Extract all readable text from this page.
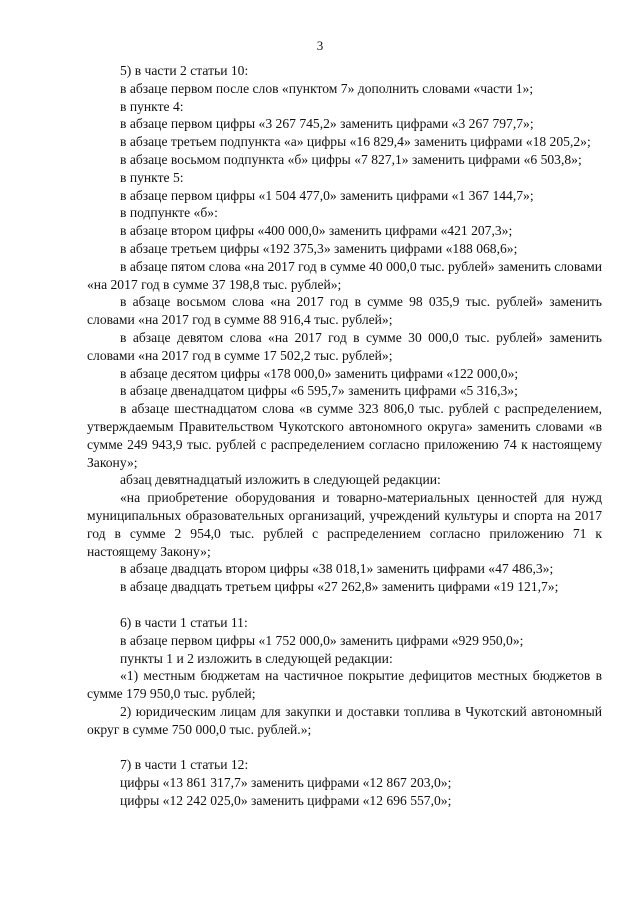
3

5) в части 2 статьи 10:

в абзаце первом после слов «пунктом 7» дополнить словами «части 1»;

в пункте 4:

в абзаце первом цифры «3 267 745,2» заменить цифрами «3 267 797,7»;

в абзаце третьем подпункта «а» цифры «16 829,4» заменить цифрами «18 205,2»;

в абзаце восьмом подпункта «б» цифры «7 827,1» заменить цифрами «6 503,8»;

в пункте 5:

в абзаце первом цифры «1 504 477,0» заменить цифрами «1 367 144,7»;

в подпункте «б»:

в абзаце втором цифры «400 000,0» заменить цифрами «421 207,3»;

в абзаце третьем цифры «192 375,3» заменить цифрами «188 068,6»;

в абзаце пятом слова «на 2017 год в сумме 40 000,0 тыс. рублей» заменить словами «на 2017 год в сумме 37 198,8 тыс. рублей»;

в абзаце восьмом слова «на 2017 год в сумме 98 035,9 тыс. рублей» заменить словами «на 2017 год в сумме 88 916,4 тыс. рублей»;

в абзаце девятом слова «на 2017 год в сумме 30 000,0 тыс. рублей» заменить словами «на 2017 год в сумме 17 502,2 тыс. рублей»;

в абзаце десятом цифры «178 000,0» заменить цифрами «122 000,0»;

в абзаце двенадцатом цифры «6 595,7» заменить цифрами «5 316,3»;

в абзаце шестнадцатом слова «в сумме 323 806,0 тыс. рублей с распределением, утверждаемым Правительством Чукотского автономного округа» заменить словами «в сумме 249 943,9 тыс. рублей с распределением согласно приложению 74 к настоящему Закону»;

абзац девятнадцатый изложить в следующей редакции:

«на приобретение оборудования и товарно-материальных ценностей для нужд муниципальных образовательных организаций, учреждений культуры и спорта на 2017 год в сумме 2 954,0 тыс. рублей с распределением согласно приложению 71 к настоящему Закону»;

в абзаце двадцать втором цифры «38 018,1» заменить цифрами «47 486,3»;

в абзаце двадцать третьем цифры «27 262,8» заменить цифрами «19 121,7»;

6) в части 1 статьи 11:

в абзаце первом цифры «1 752 000,0» заменить цифрами «929 950,0»;

пункты 1 и 2 изложить в следующей редакции:

«1) местным бюджетам на частичное покрытие дефицитов местных бюджетов в сумме 179 950,0 тыс. рублей;

2) юридическим лицам для закупки и доставки топлива в Чукотский автономный округ в сумме 750 000,0 тыс. рублей.»;

7) в части 1 статьи 12:

цифры «13 861 317,7» заменить цифрами «12 867 203,0»;

цифры «12 242 025,0» заменить цифрами «12 696 557,0»;
